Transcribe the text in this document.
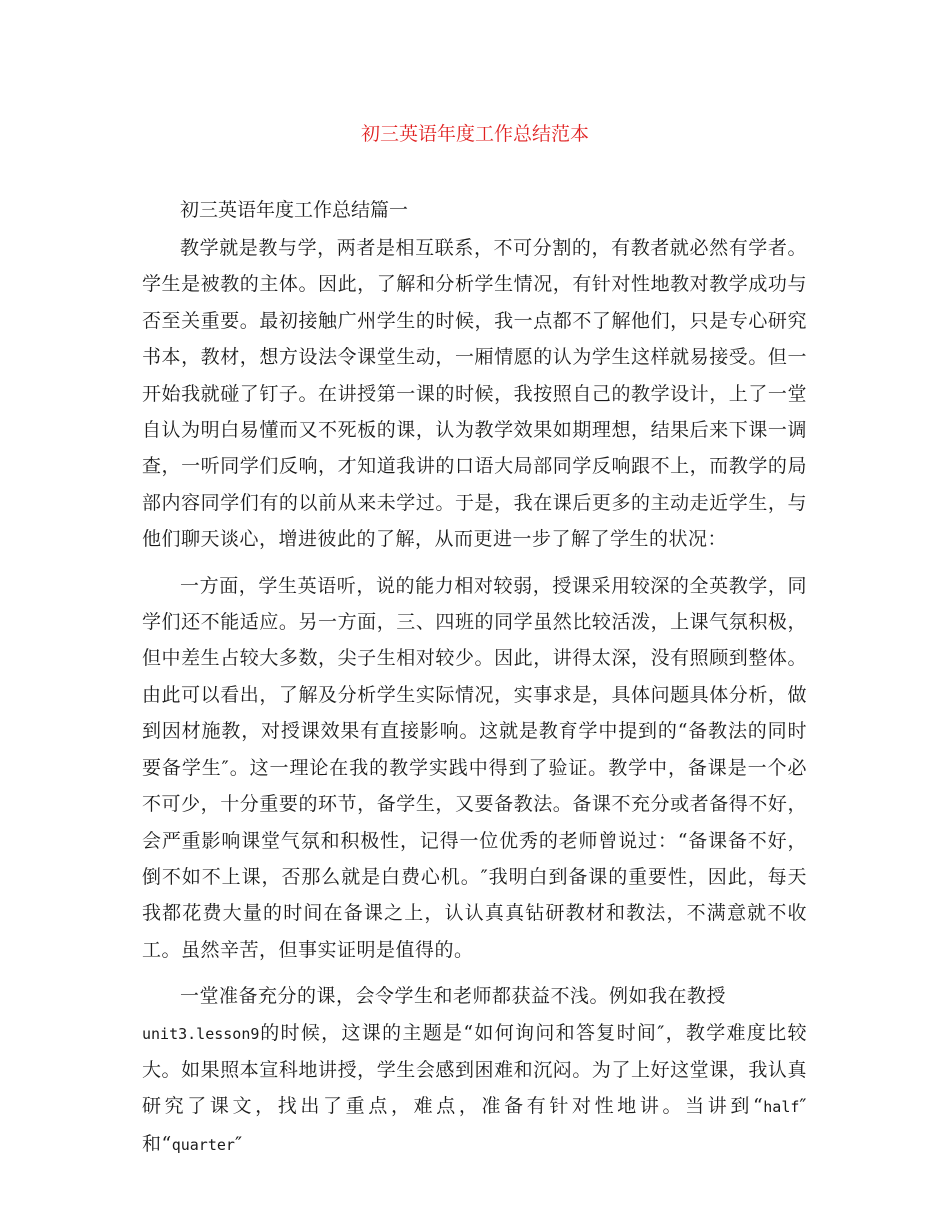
初三英语年度工作总结范本
初三英语年度工作总结篇一

教学就是教与学，两者是相互联系，不可分割的，有教者就必然有学者。学生是被教的主体。因此，了解和分析学生情况，有针对性地教对教学成功与否至关重要。最初接触广州学生的时候，我一点都不了解他们，只是专心研究书本，教材，想方设法令课堂生动，一厢情愿的认为学生这样就易接受。但一开始我就碰了钉子。在讲授第一课的时候，我按照自己的教学设计，上了一堂自认为明白易懂而又不死板的课，认为教学效果如期理想，结果后来下课一调查，一听同学们反响，才知道我讲的口语大局部同学反响跟不上，而教学的局部内容同学们有的以前从来未学过。于是，我在课后更多的主动走近学生，与他们聊天谈心，增进彼此的了解，从而更进一步了解了学生的状况：

一方面，学生英语听，说的能力相对较弱，授课采用较深的全英教学，同学们还不能适应。另一方面，三、四班的同学虽然比较活泼，上课气氛积极，但中差生占较大多数，尖子生相对较少。因此，讲得太深，没有照顾到整体。由此可以看出，了解及分析学生实际情况，实事求是，具体问题具体分析，做到因材施教，对授课效果有直接影响。这就是教育学中提到的“备教法的同时要备学生″。这一理论在我的教学实践中得到了验证。教学中，备课是一个必不可少，十分重要的环节，备学生，又要备教法。备课不充分或者备得不好，会严重影响课堂气氛和积极性，记得一位优秀的老师曾说过：“备课备不好，倒不如不上课，否那么就是白费心机。″我明白到备课的重要性，因此，每天我都花费大量的时间在备课之上，认认真真钻研教材和教法，不满意就不收工。虽然辛苦，但事实证明是值得的。

一堂准备充分的课，会令学生和老师都获益不浅。例如我在教授
unit3.lesson9的时候，这课的主题是“如何询问和答复时间″，教学难度比较大。如果照本宣科地讲授，学生会感到困难和沉闷。为了上好这堂课，我认真研究了课文，找出了重点，难点，准备有针对性地讲。当讲到“half″和“quarter″
